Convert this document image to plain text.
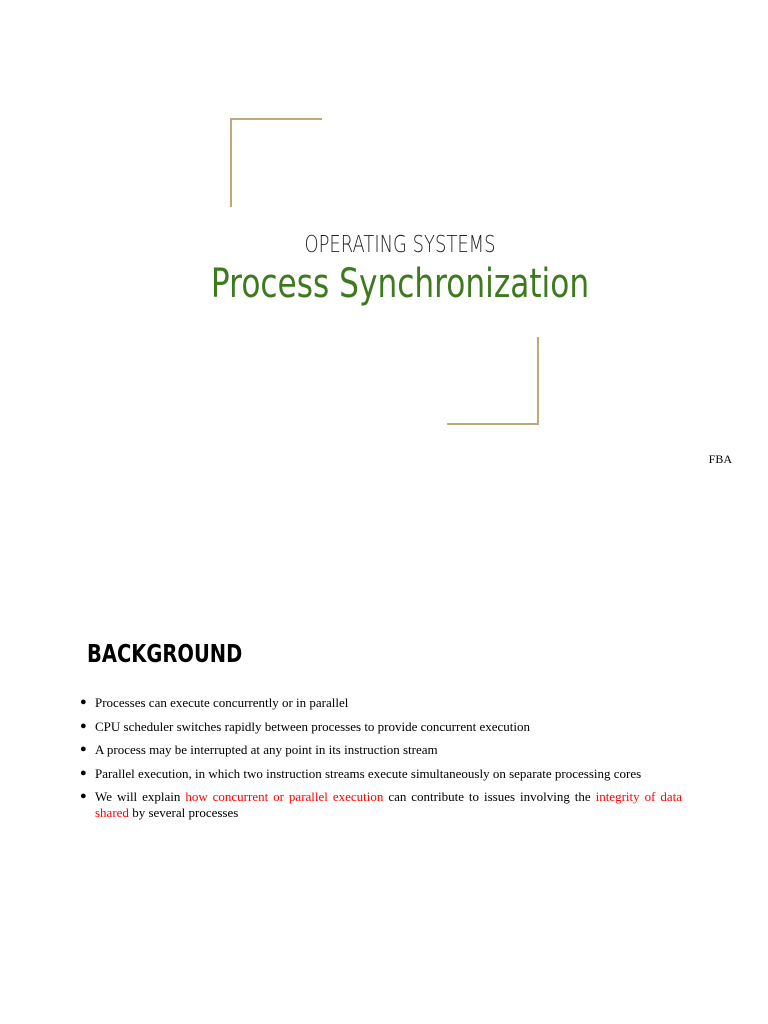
OPERATING SYSTEMS
Process Synchronization
FBA
BACKGROUND
● Processes can execute concurrently or in parallel
● CPU scheduler switches rapidly between processes to provide concurrent execution
● A process may be interrupted at any point in its instruction stream
● Parallel execution, in which two instruction streams execute simultaneously on separate processing cores
● We will explain how concurrent or parallel execution can contribute to issues involving the integrity of data shared by several processes
